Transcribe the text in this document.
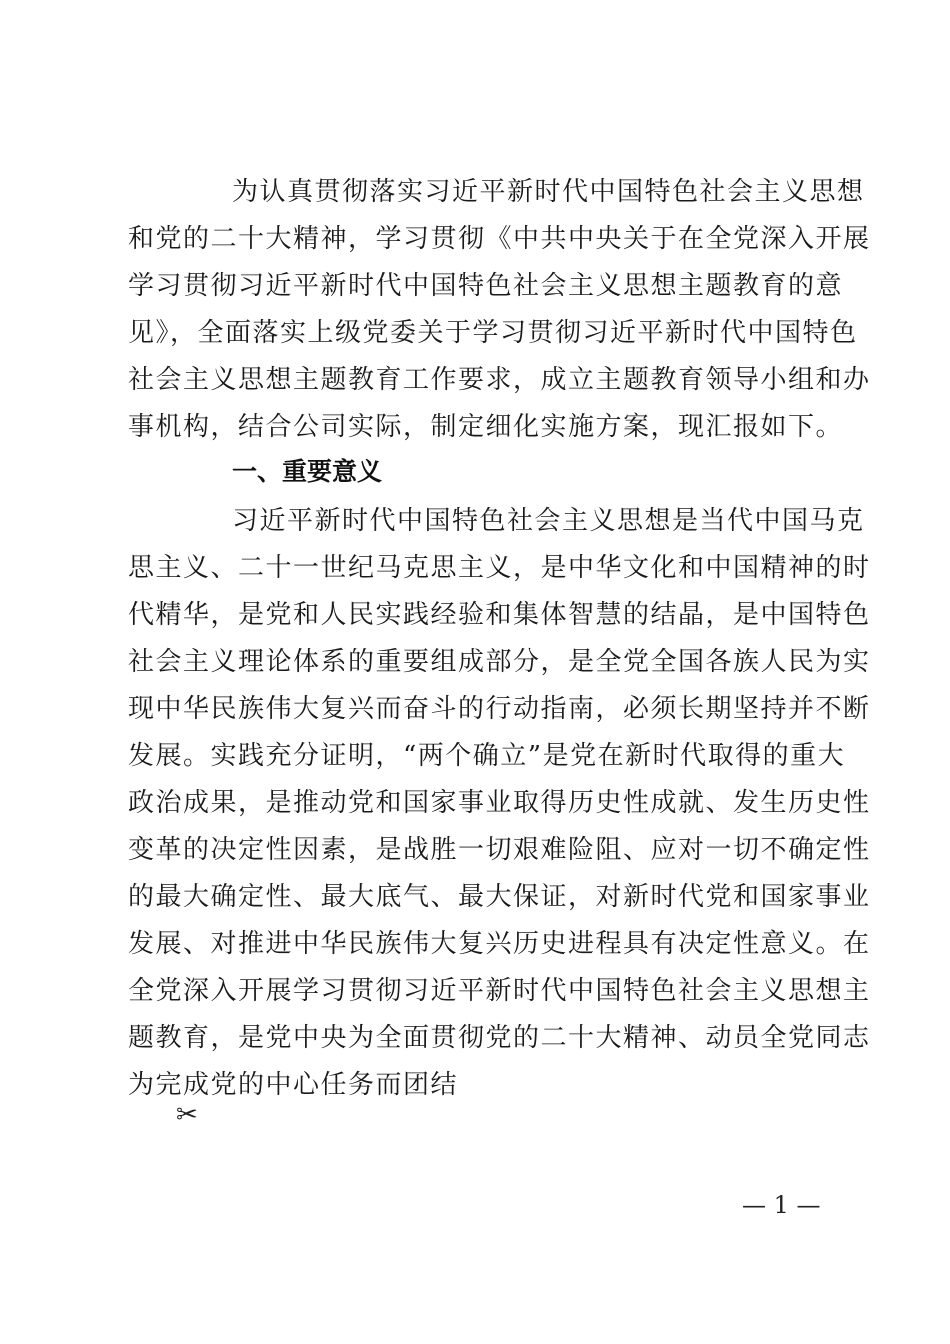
为认真贯彻落实习近平新时代中国特色社会主义思想
和党的二十大精神，学习贯彻《中共中央关于在全党深入开展
学习贯彻习近平新时代中国特色社会主义思想主题教育的意
见》，全面落实上级党委关于学习贯彻习近平新时代中国特色
社会主义思想主题教育工作要求，成立主题教育领导小组和办
事机构，结合公司实际，制定细化实施方案，现汇报如下。
一、重要意义
习近平新时代中国特色社会主义思想是当代中国马克
思主义、二十一世纪马克思主义，是中华文化和中国精神的时
代精华，是党和人民实践经验和集体智慧的结晶，是中国特色
社会主义理论体系的重要组成部分，是全党全国各族人民为实
现中华民族伟大复兴而奋斗的行动指南，必须长期坚持并不断
发展。实践充分证明，“两个确立”是党在新时代取得的重大
政治成果，是推动党和国家事业取得历史性成就、发生历史性
变革的决定性因素，是战胜一切艰难险阻、应对一切不确定性
的最大确定性、最大底气、最大保证，对新时代党和国家事业
发展、对推进中华民族伟大复兴历史进程具有决定性意义。在
全党深入开展学习贯彻习近平新时代中国特色社会主义思想主
题教育，是党中央为全面贯彻党的二十大精神、动员全党同志
为完成党的中心任务而团结
✂
— 1 —
